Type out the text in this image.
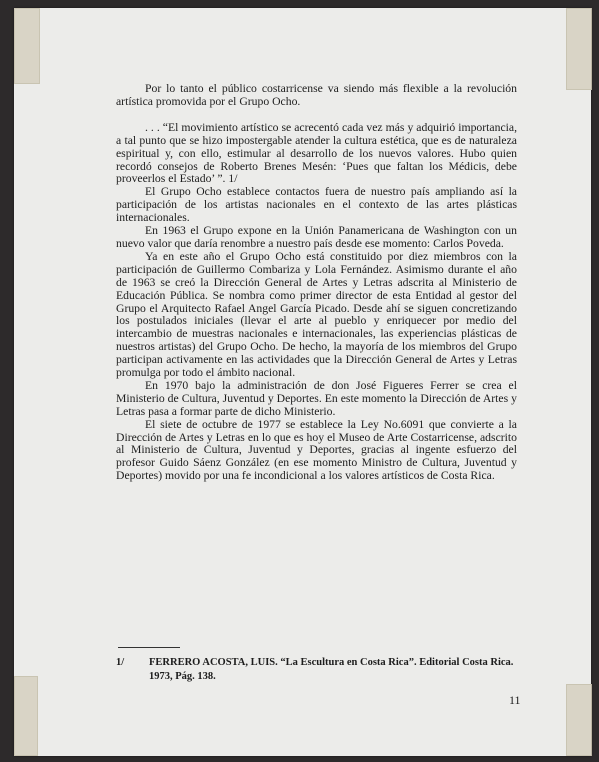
Por lo tanto el público costarricense va siendo más flexible a la revolución artística promovida por el Grupo Ocho.

. . . “El movimiento artístico se acrecentó cada vez más y adquirió importancia, a tal punto que se hizo impostergable atender la cultura estética, que es de naturaleza espiritual y, con ello, estimular al desarrollo de los nuevos valores. Hubo quien recordó consejos de Roberto Brenes Mesén: ‘Pues que faltan los Médicis, debe proveerlos el Estado’ ”. 1/

El Grupo Ocho establece contactos fuera de nuestro país ampliando así la participación de los artistas nacionales en el contexto de las artes plásticas internacionales.

En 1963 el Grupo expone en la Unión Panamericana de Washington con un nuevo valor que daría renombre a nuestro país desde ese momento: Carlos Poveda.

Ya en este año el Grupo Ocho está constituido por diez miembros con la participación de Guillermo Combariza y Lola Fernández. Asimismo durante el año de 1963 se creó la Dirección General de Artes y Letras adscrita al Ministerio de Educación Pública. Se nombra como primer director de esta Entidad al gestor del Grupo el Arquitecto Rafael Angel García Picado. Desde ahí se siguen concretizando los postulados iniciales (llevar el arte al pueblo y enriquecer por medio del intercambio de muestras nacionales e internacionales, las experiencias plásticas de nuestros artistas) del Grupo Ocho. De hecho, la mayoría de los miembros del Grupo participan activamente en las actividades que la Dirección General de Artes y Letras promulga por todo el ámbito nacional.

En 1970 bajo la administración de don José Figueres Ferrer se crea el Ministerio de Cultura, Juventud y Deportes. En este momento la Dirección de Artes y Letras pasa a formar parte de dicho Ministerio.

El siete de octubre de 1977 se establece la Ley No.6091 que convierte a la Dirección de Artes y Letras en lo que es hoy el Museo de Arte Costarricense, adscrito al Ministerio de Cultura, Juventud y Deportes, gracias al ingente esfuerzo del profesor Guido Sáenz González (en ese momento Ministro de Cultura, Juventud y Deportes) movido por una fe incondicional a los valores artísticos de Costa Rica.

1/ FERRERO ACOSTA, LUIS. “La Escultura en Costa Rica”. Editorial Costa Rica. 1973, Pág. 138.
11
